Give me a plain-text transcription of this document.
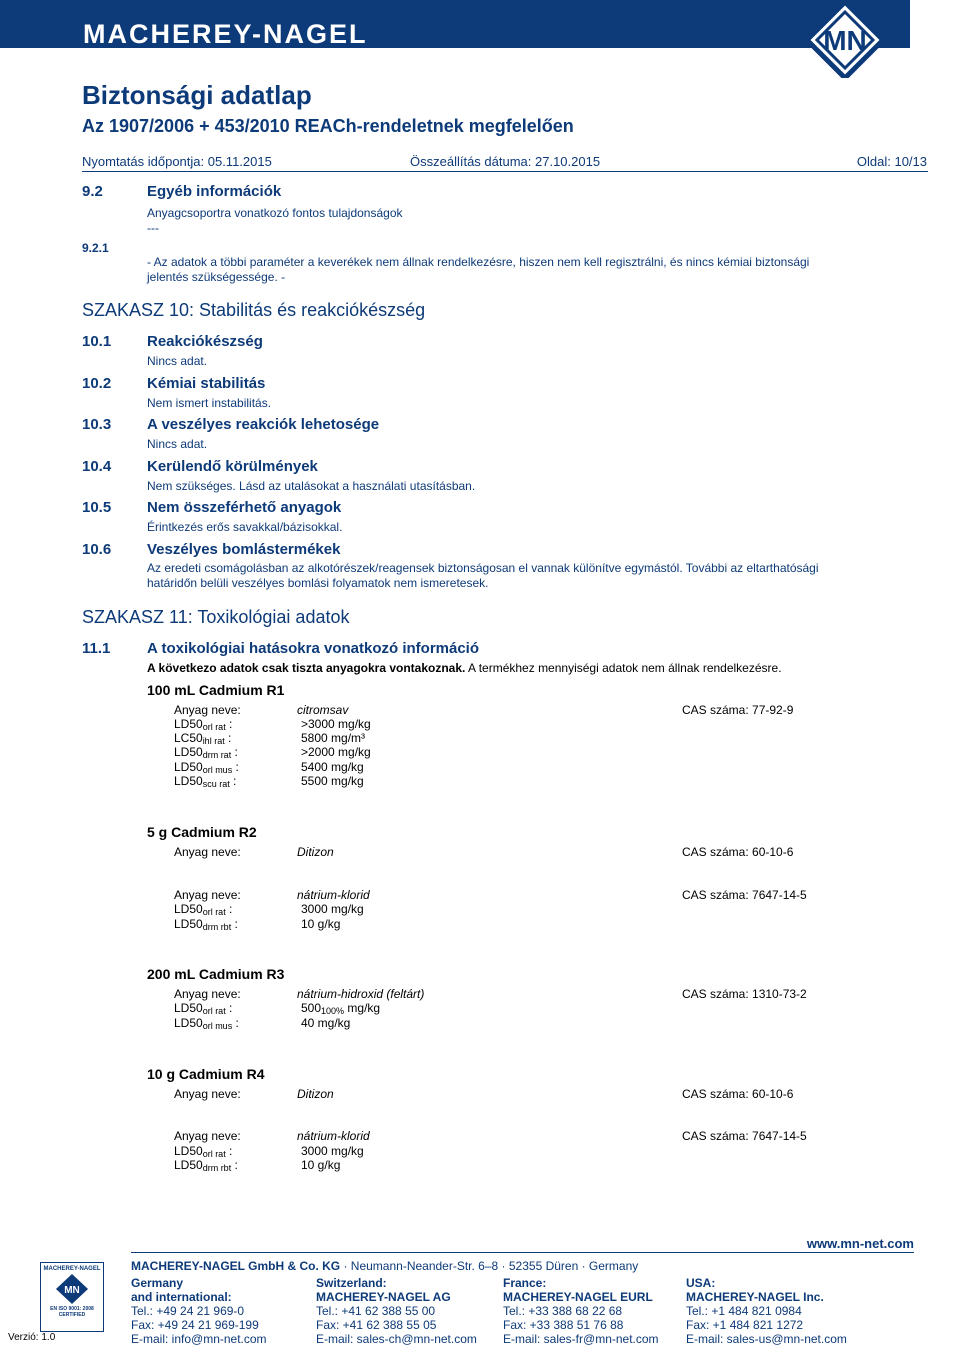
MACHEREY-NAGEL	MN
Biztonsági adatlap
Az 1907/2006 + 453/2010 REACh-rendeletnek megfelelően
Nyomtatás időpontja: 05.11.2015	Összeállítás dátuma: 27.10.2015	Oldal: 10/13
9.2	Egyéb információk
Anyagcsoportra vonatkozó fontos tulajdonságok
---
9.2.1
- Az adatok a többi paraméter a keverékek nem állnak rendelkezésre, hiszen nem kell regisztrálni, és nincs kémiai biztonsági
jelentés szükségessége. -
SZAKASZ 10: Stabilitás és reakciókészség
10.1 Reakciókészség
Nincs adat.
10.2 Kémiai stabilitás
Nem ismert instabilitás.
10.3 A veszélyes reakciók lehetosége
Nincs adat.
10.4 Kerülendő körülmények
Nem szükséges. Lásd az utalásokat a használati utasításban.
10.5 Nem összeférhető anyagok
Érintkezés erős savakkal/bázisokkal.
10.6 Veszélyes bomlástermékek
Az eredeti csomágolásban az alkotórészek/reagensek biztonságosan el vannak különítve egymástól. További az eltarthatósági
határidőn belüli veszélyes bomlási folyamatok nem ismeretesek.
SZAKASZ 11: Toxikológiai adatok
11.1 A toxikológiai hatásokra vonatkozó információ
A következo adatok csak tiszta anyagokra vontakoznak. A termékhez mennyiségi adatok nem állnak rendelkezésre.
100 mL Cadmium R1
Anyag neve:	citromsav	CAS száma: 77-92-9
$LD50_{orl rat}$ :	>3000 mg/kg
$LC50_{ihl rat}$ :	5800 mg/m³
$LD50_{drm rat}$ :	>2000 mg/kg
$LD50_{orl mus}$ :	5400 mg/kg
$LD50_{scu rat}$ :	5500 mg/kg
5 g Cadmium R2
Anyag neve:	Ditizon	CAS száma: 60-10-6
Anyag neve:	nátrium-klorid	CAS száma: 7647-14-5
$LD50_{orl rat}$ :	3000 mg/kg
$LD50_{drm rbt}$ :	10 g/kg
200 mL Cadmium R3
Anyag neve:	nátrium-hidroxid (feltárt)	CAS száma: 1310-73-2
$LD50_{orl rat}$ :	$500_{100\%}$ mg/kg
$LD50_{orl mus}$ :	40 mg/kg
10 g Cadmium R4
Anyag neve:	Ditizon	CAS száma: 60-10-6
Anyag neve:	nátrium-klorid	CAS száma: 7647-14-5
$LD50_{orl rat}$ :	3000 mg/kg
$LD50_{drm rbt}$ :	10 g/kg
www.mn-net.com
MACHEREY-NAGEL GmbH & Co. KG · Neumann-Neander-Str. 6–8 · 52355 Düren · Germany
MACHEREY-NAGEL
MN
EN ISO 9001: 2008
CERTIFIED
Verzió: 1.0
Germany
and international:
Tel.: +49 24 21 969-0
Fax: +49 24 21 969-199
E-mail: info@mn-net.com
Switzerland:
MACHEREY-NAGEL AG
Tel.: +41 62 388 55 00
Fax: +41 62 388 55 05
E-mail: sales-ch@mn-net.com
France:
MACHEREY-NAGEL EURL
Tel.: +33 388 68 22 68
Fax: +33 388 51 76 88
E-mail: sales-fr@mn-net.com
USA:
MACHEREY-NAGEL Inc.
Tel.: +1 484 821 0984
Fax: +1 484 821 1272
E-mail: sales-us@mn-net.com
